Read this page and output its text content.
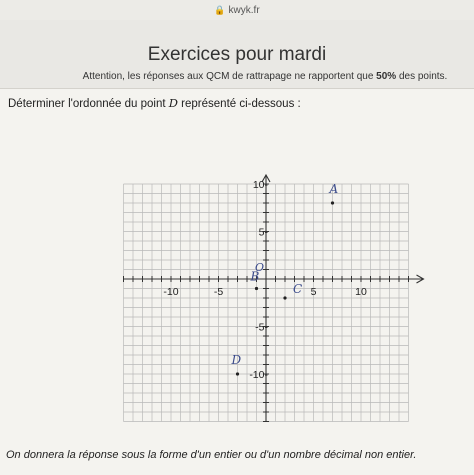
🔒 kwyk.fr
Exercices pour mardi
Attention, les réponses aux QCM de rattrapage ne rapportent que 50% des points.
Déterminer l'ordonnée du point D représenté ci-dessous :
-10	-5	5	10
-10-
-5-
5-
10-
O
A
B
C
D
On donnera la réponse sous la forme d'un entier ou d'un nombre décimal non entier.
